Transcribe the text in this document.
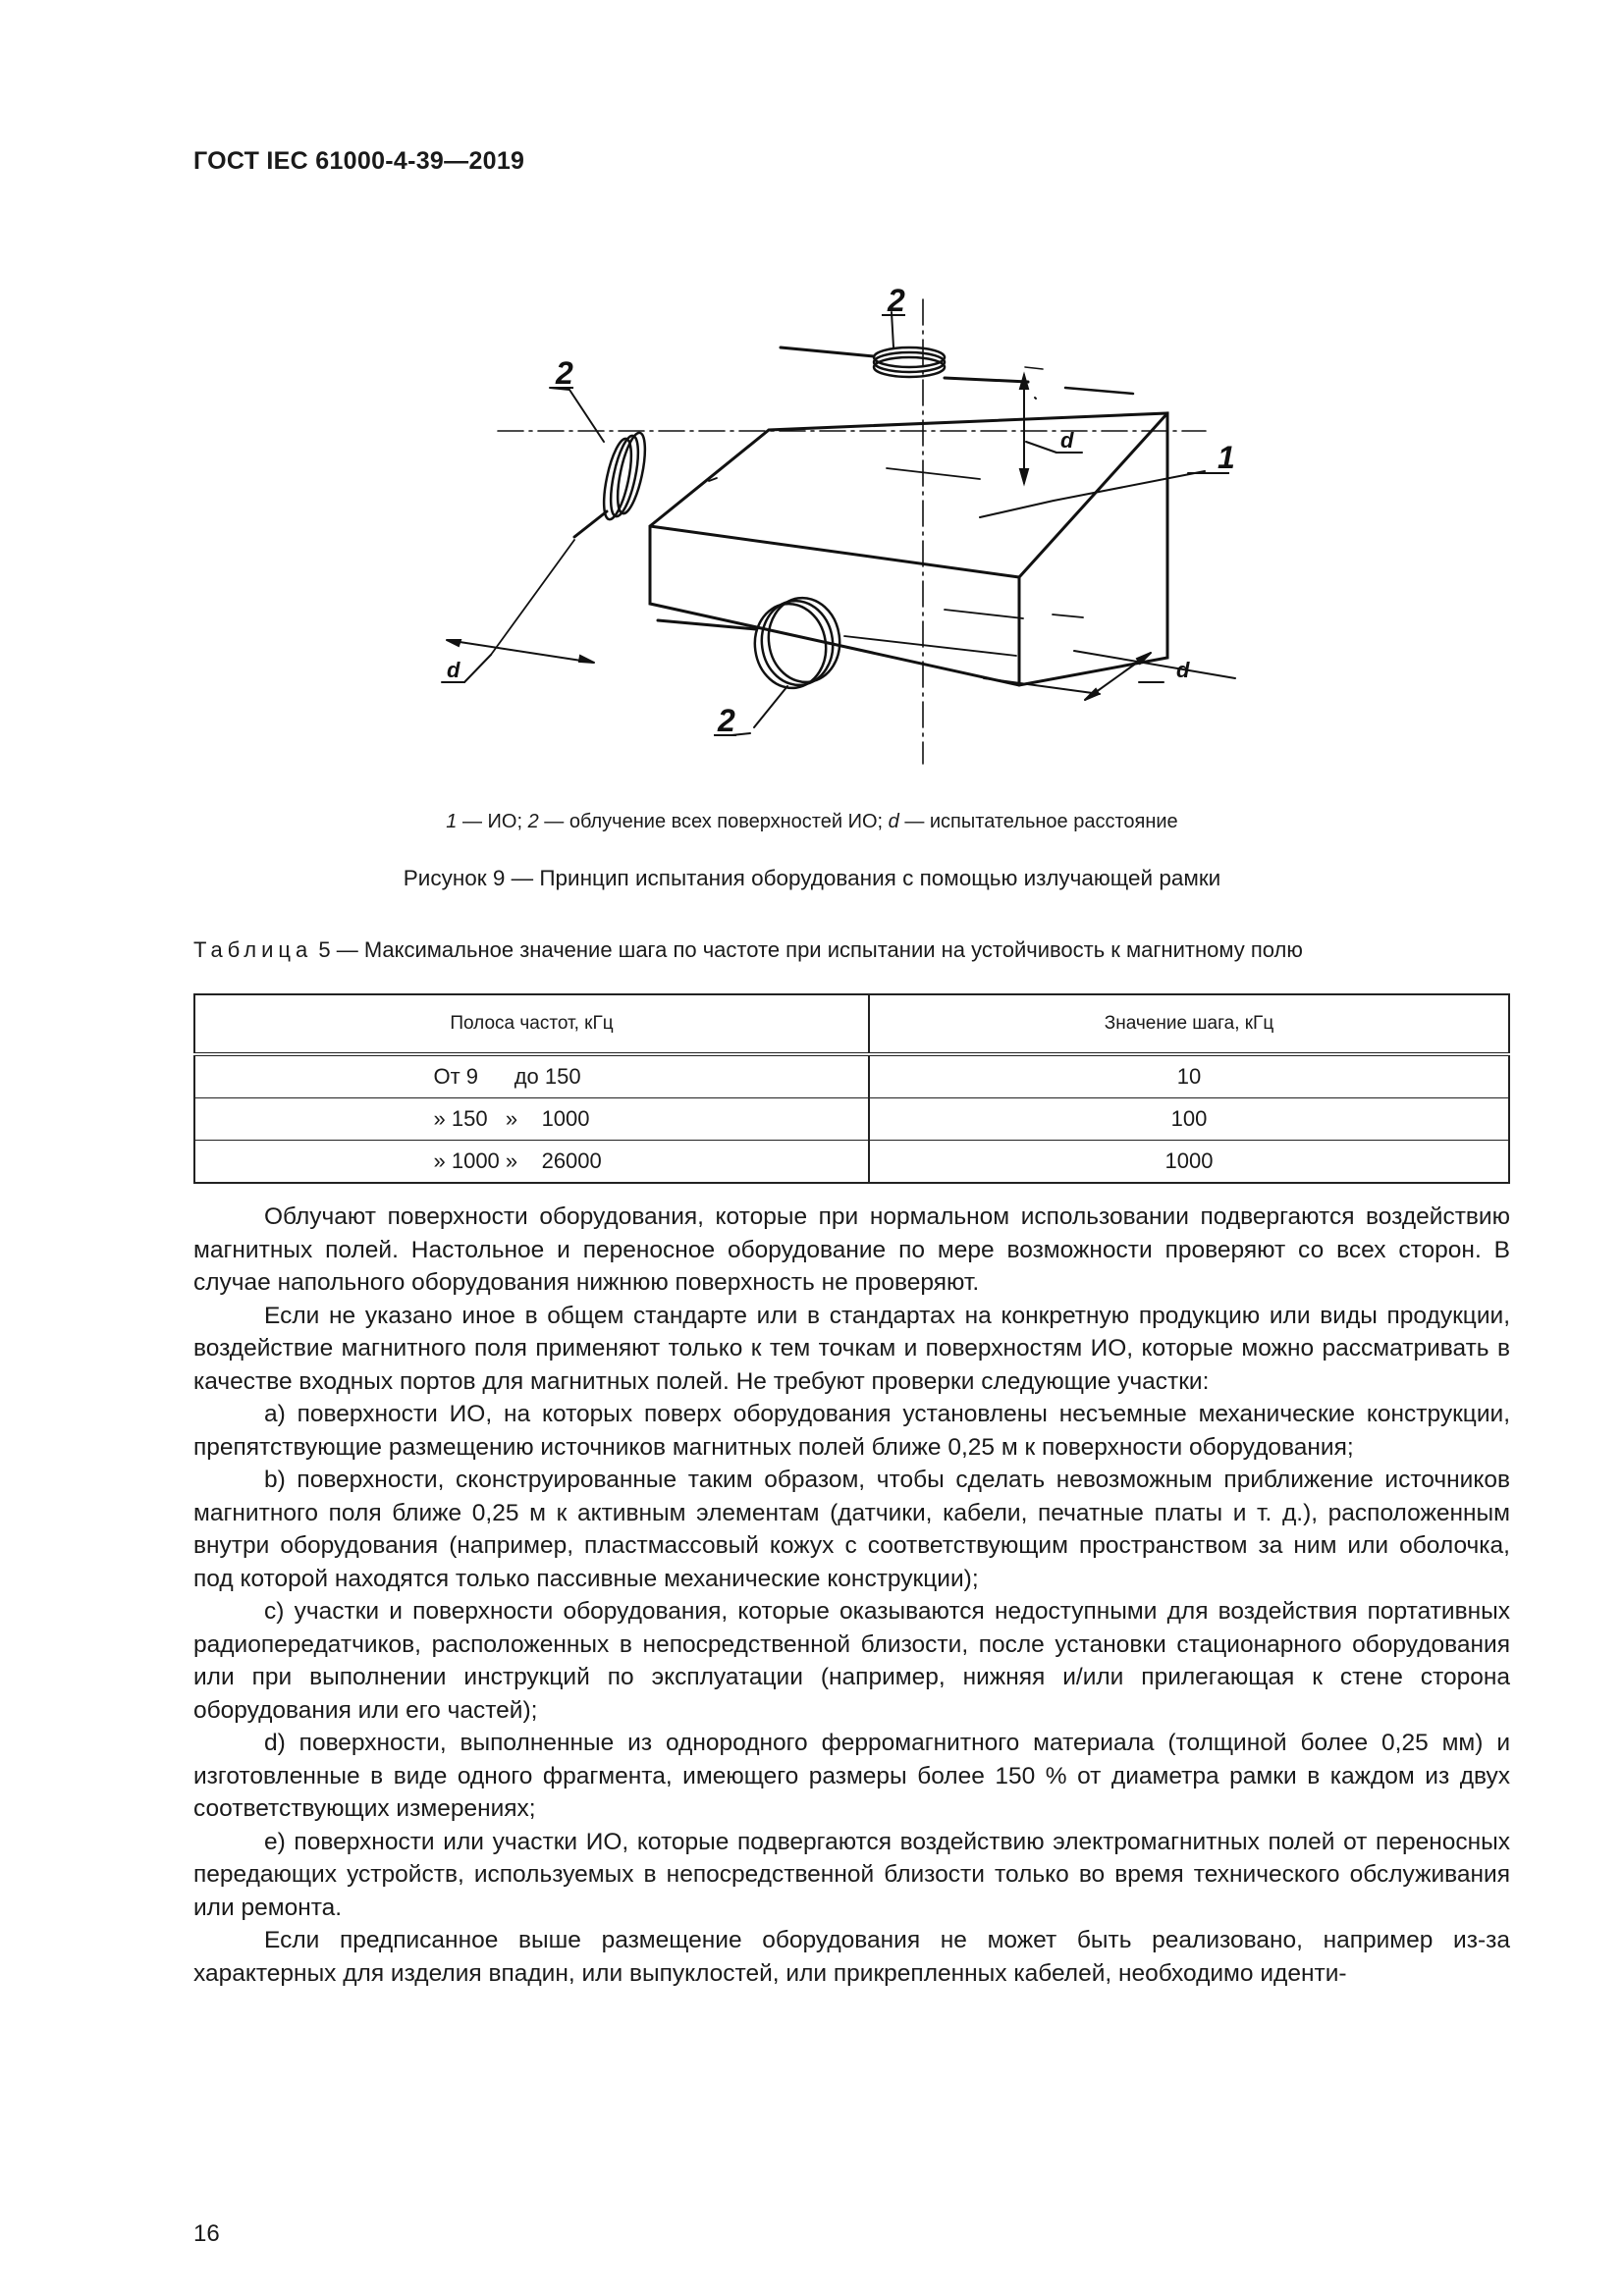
ГОСТ IEC 61000-4-39—2019
2
2
2
1
d
d	d
1 — ИО; 2 — облучение всех поверхностей ИО; d — испытательное расстояние
Рисунок 9 — Принцип испытания оборудования с помощью излучающей рамки
Таблица 5 — Максимальное значение шага по частоте при испытании на устойчивость к магнитному полю
Полоса частот, кГц	Значение шага, кГц
От 9      до 150	10
» 150   »    1000	100
» 1000 »    26000	1000

Облучают поверхности оборудования, которые при нормальном использовании подвергаются воздействию магнитных полей. Настольное и переносное оборудование по мере возможности проверяют со всех сторон. В случае напольного оборудования нижнюю поверхность не проверяют.

Если не указано иное в общем стандарте или в стандартах на конкретную продукцию или виды продукции, воздействие магнитного поля применяют только к тем точкам и поверхностям ИО, которые можно рассматривать в качестве входных портов для магнитных полей. Не требуют проверки следующие участки:

a) поверхности ИО, на которых поверх оборудования установлены несъемные механические конструкции, препятствующие размещению источников магнитных полей ближе 0,25 м к поверхности оборудования;

b) поверхности, сконструированные таким образом, чтобы сделать невозможным приближение источников магнитного поля ближе 0,25 м к активным элементам (датчики, кабели, печатные платы и т. д.), расположенным внутри оборудования (например, пластмассовый кожух с соответствующим пространством за ним или оболочка, под которой находятся только пассивные механические конструкции);

c) участки и поверхности оборудования, которые оказываются недоступными для воздействия портативных радиопередатчиков, расположенных в непосредственной близости, после установки стационарного оборудования или при выполнении инструкций по эксплуатации (например, нижняя и/или прилегающая к стене сторона оборудования или его частей);

d) поверхности, выполненные из однородного ферромагнитного материала (толщиной более 0,25 мм) и изготовленные в виде одного фрагмента, имеющего размеры более 150 % от диаметра рамки в каждом из двух соответствующих измерениях;

e) поверхности или участки ИО, которые подвергаются воздействию электромагнитных полей от переносных передающих устройств, используемых в непосредственной близости только во время технического обслуживания или ремонта.

Если предписанное выше размещение оборудования не может быть реализовано, например из-за характерных для изделия впадин, или выпуклостей, или прикрепленных кабелей, необходимо иденти-

16
